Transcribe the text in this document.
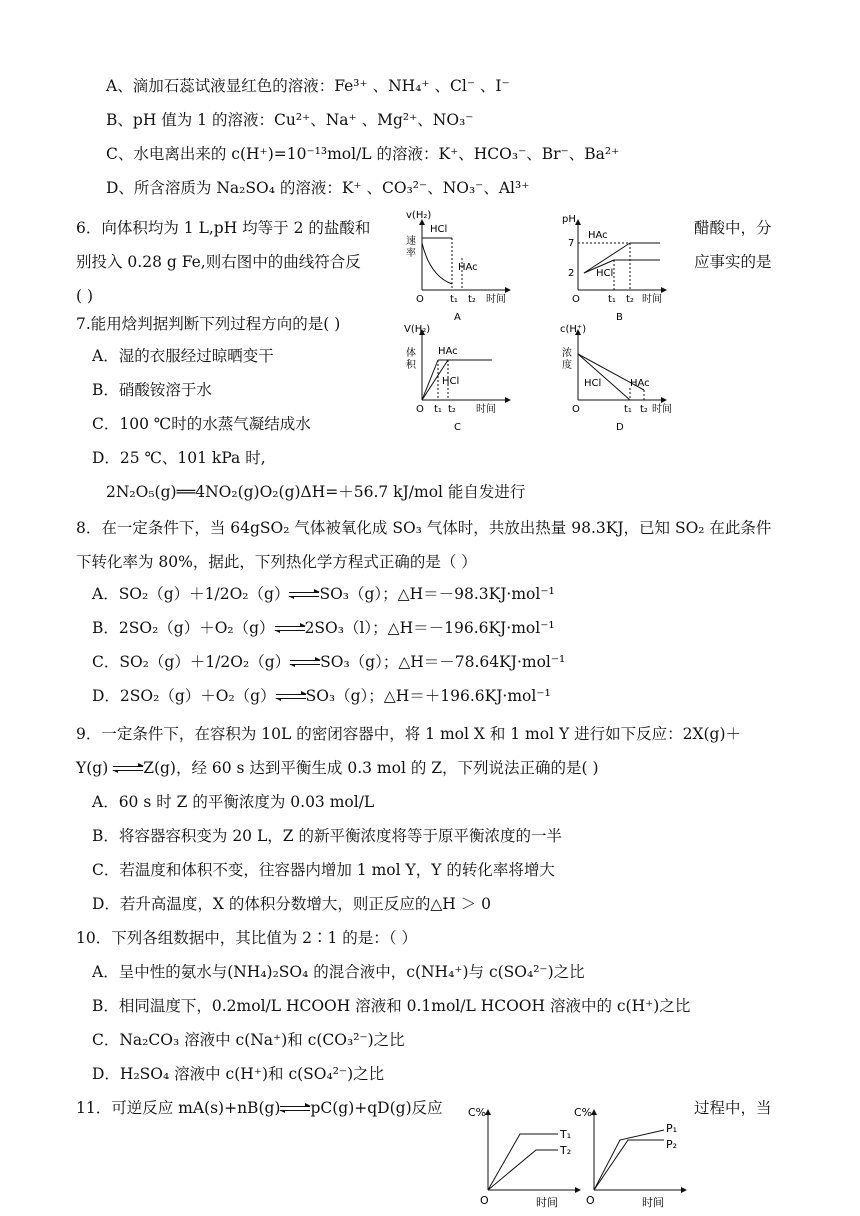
A、滴加石蕊试液显红色的溶液：Fe³⁺ 、NH₄⁺ 、Cl⁻ 、I⁻
B、pH 值为 1 的溶液：Cu²⁺、Na⁺ 、Mg²⁺、NO₃⁻
C、水电离出来的 c(H⁺)=10⁻¹³mol/L 的溶液：K⁺、HCO₃⁻、Br⁻、Ba²⁺
D、所含溶质为 Na₂SO₄ 的溶液：K⁺ 、CO₃²⁻、NO₃⁻、Al³⁺
6．向体积均为 1 L,pH 均等于 2 的盐酸和	醋酸中，分
别投入 0.28 g Fe,则右图中的曲线符合反	应事实的是
( )
7.能用焓判据判断下列过程方向的是( )
A．湿的衣服经过晾晒变干
B．硝酸铵溶于水
C．100 ℃时的水蒸气凝结成水
D．25 ℃、101 kPa 时,
2N₂O₅(g)══4NO₂(g)O₂(g)ΔH=＋56.7 kJ/mol 能自发进行
8．在一定条件下，当 64gSO₂ 气体被氧化成 SO₃ 气体时，共放出热量 98.3KJ，已知 SO₂ 在此条件
下转化率为 80%，据此，下列热化学方程式正确的是（ ）
A．SO₂（g）＋1/2O₂（g）⇌SO₃（g）；△H＝－98.3KJ·mol⁻¹
B．2SO₂（g）＋O₂（g）⇌2SO₃（l）；△H＝－196.6KJ·mol⁻¹
C．SO₂（g）＋1/2O₂（g）⇌SO₃（g）；△H＝－78.64KJ·mol⁻¹
D．2SO₂（g）＋O₂（g）⇌SO₃（g）；△H＝＋196.6KJ·mol⁻¹
9．一定条件下，在容积为 10L 的密闭容器中，将 1 mol X 和 1 mol Y 进行如下反应：2X(g)＋
Y(g) ⇌Z(g)，经 60 s 达到平衡生成 0.3 mol 的 Z，下列说法正确的是( )
A．60 s 时 Z 的平衡浓度为 0.03 mol/L
B．将容器容积变为 20 L，Z 的新平衡浓度将等于原平衡浓度的一半
C．若温度和体积不变，往容器内增加 1 mol Y，Y 的转化率将增大
D．若升高温度，X 的体积分数增大，则正反应的△H ＞ 0
10．下列各组数据中，其比值为 2∶1 的是：（ ）
A．呈中性的氨水与(NH₄)₂SO₄ 的混合液中，c(NH₄⁺)与 c(SO₄²⁻)之比
B．相同温度下，0.2mol/L HCOOH 溶液和 0.1mol/L HCOOH 溶液中的 c(H⁺)之比
C．Na₂CO₃ 溶液中 c(Na⁺)和 c(CO₃²⁻)之比
D．H₂SO₄ 溶液中 c(H⁺)和 c(SO₄²⁻)之比
11．可逆反应 mA(s)+nB(g)⇌pC(g)+qD(g)反应	过程中，当
v(H₂)
速
率
HCl
HAc
O	t₁ t₂ 时间
A
pH
7
2
HAc
HCl
O	t₁ t₂ 时间
B
V(H₂)
体
积
HAc
HCl
O t₁ t₂ 时间
C
c(H⁺)
浓
度
HCl	HAc
O	t₁ t₂ 时间
D
C%
T₁
T₂
O	时间
C%
P₁
P₂
O	时间
